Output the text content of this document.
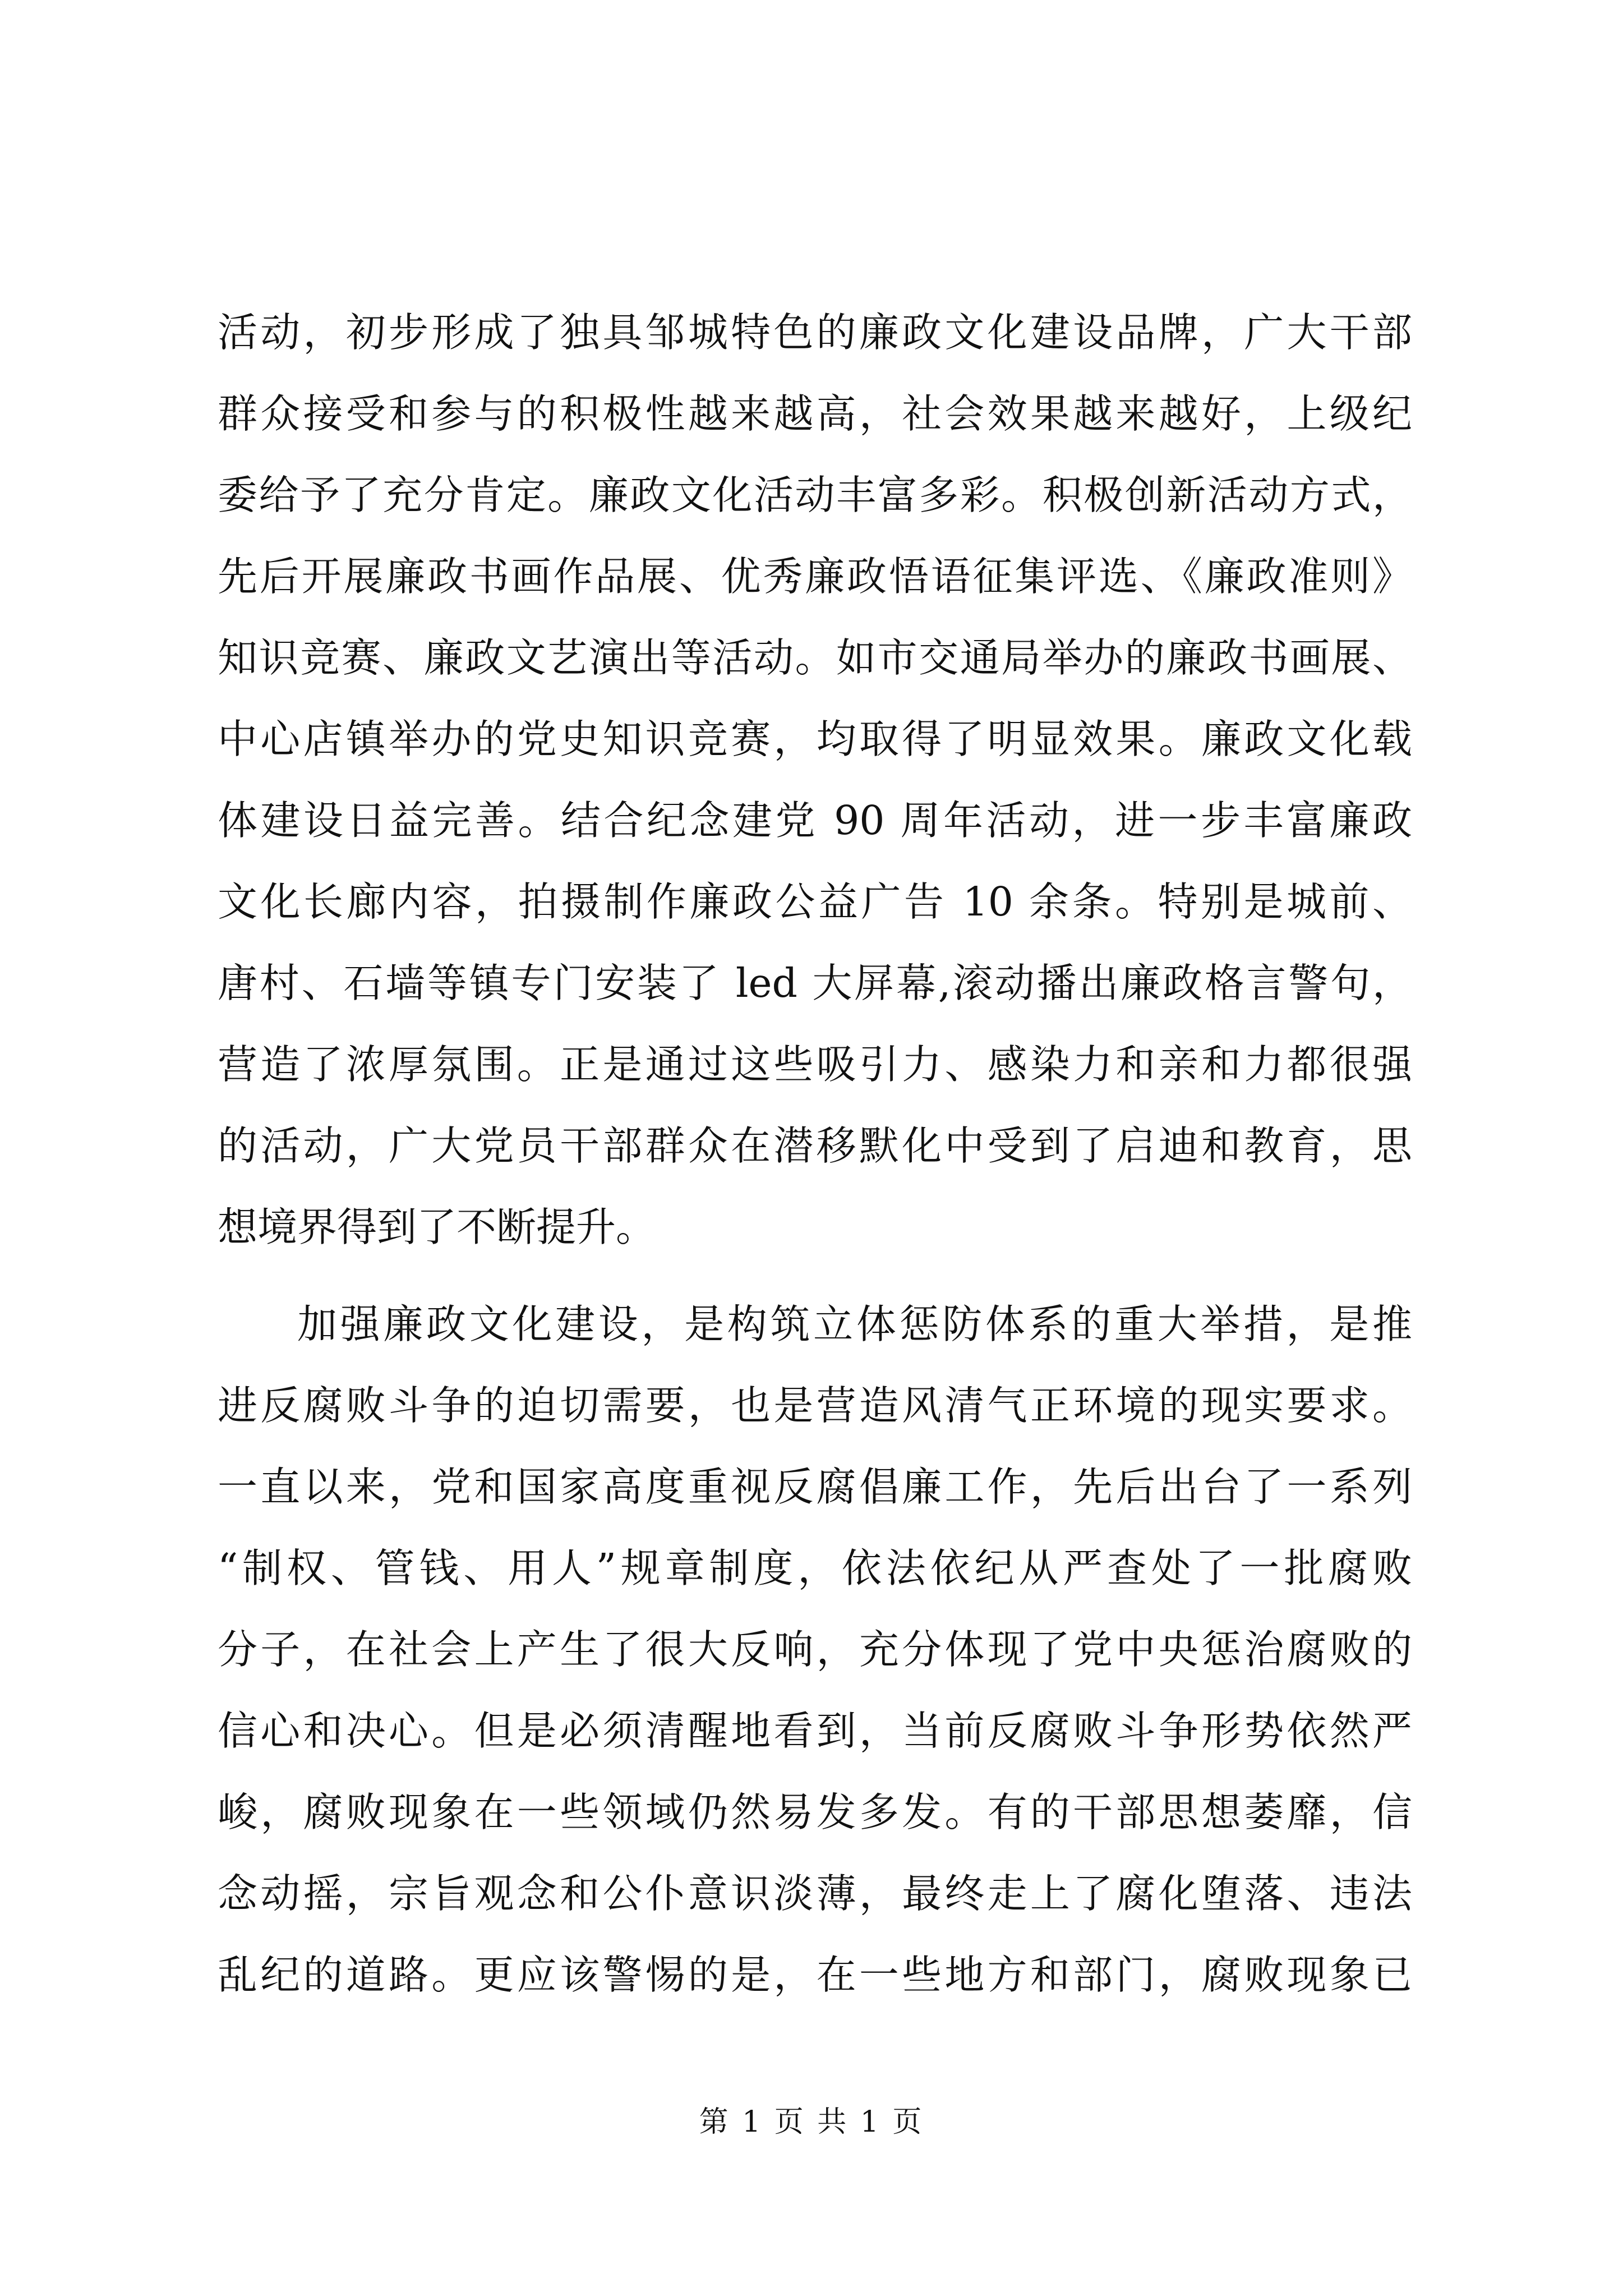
活动，初步形成了独具邹城特色的廉政文化建设品牌，广大干部
群众接受和参与的积极性越来越高，社会效果越来越好，上级纪
委给予了充分肯定。廉政文化活动丰富多彩。积极创新活动方式，
先后开展廉政书画作品展、优秀廉政悟语征集评选、《廉政准则》
知识竞赛、廉政文艺演出等活动。如市交通局举办的廉政书画展、
中心店镇举办的党史知识竞赛，均取得了明显效果。廉政文化载
体建设日益完善。结合纪念建党 90 周年活动，进一步丰富廉政
文化长廊内容，拍摄制作廉政公益广告 10 余条。特别是城前、
唐村、石墙等镇专门安装了 led 大屏幕,滚动播出廉政格言警句，
营造了浓厚氛围。正是通过这些吸引力、感染力和亲和力都很强
的活动，广大党员干部群众在潜移默化中受到了启迪和教育，思
想境界得到了不断提升。
加强廉政文化建设，是构筑立体惩防体系的重大举措，是推
进反腐败斗争的迫切需要，也是营造风清气正环境的现实要求。
一直以来，党和国家高度重视反腐倡廉工作，先后出台了一系列
“制权、管钱、用人”规章制度，依法依纪从严查处了一批腐败
分子，在社会上产生了很大反响，充分体现了党中央惩治腐败的
信心和决心。但是必须清醒地看到，当前反腐败斗争形势依然严
峻，腐败现象在一些领域仍然易发多发。有的干部思想萎靡，信
念动摇，宗旨观念和公仆意识淡薄，最终走上了腐化堕落、违法
乱纪的道路。更应该警惕的是，在一些地方和部门，腐败现象已
第 1 页 共 1 页
